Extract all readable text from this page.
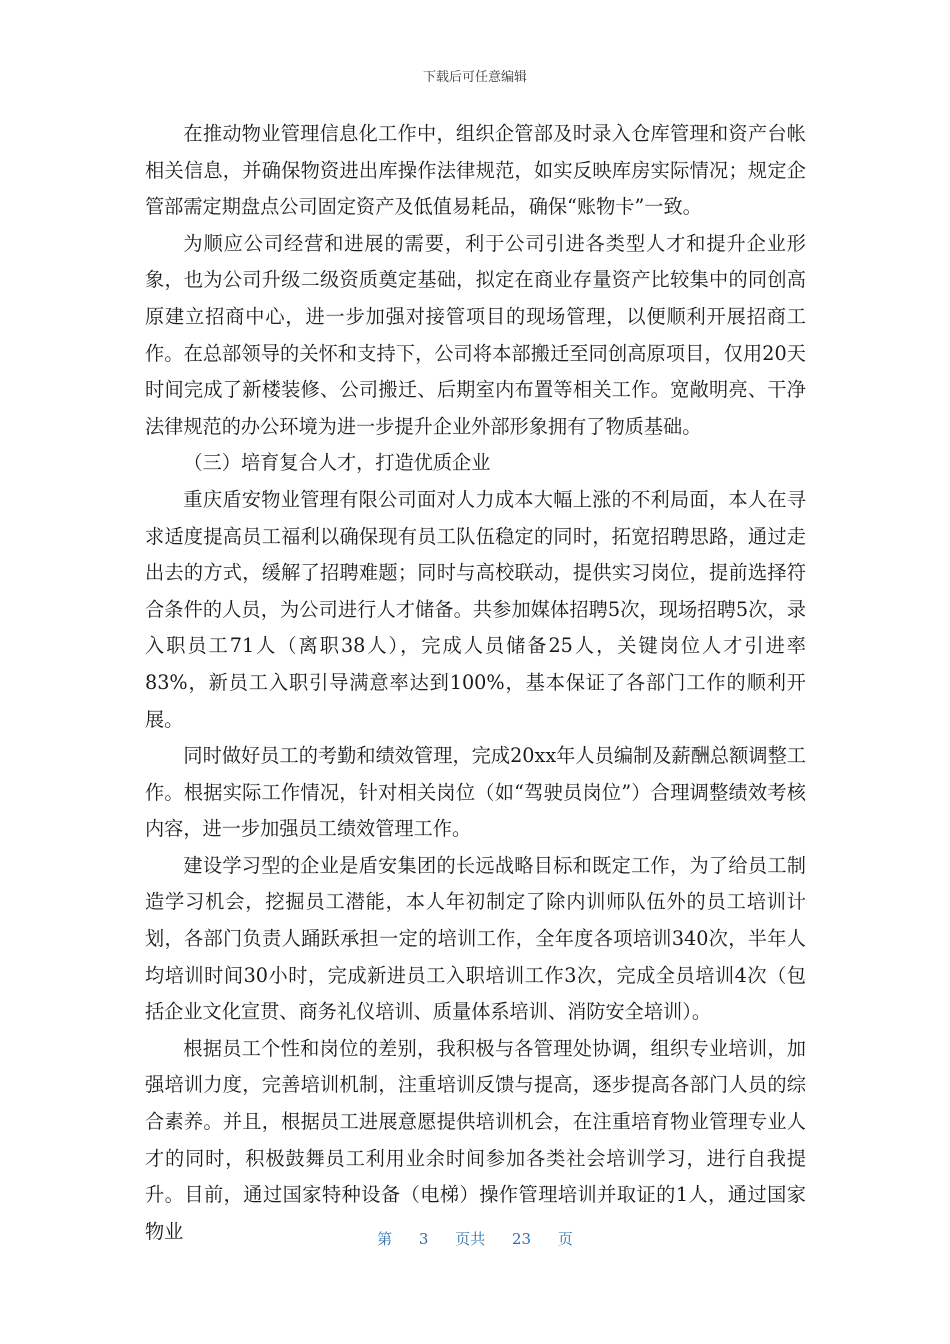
下载后可任意编辑

在推动物业管理信息化工作中，组织企管部及时录入仓库管理和资产台帐相关信息，并确保物资进出库操作法律规范，如实反映库房实际情况；规定企管部需定期盘点公司固定资产及低值易耗品，确保“账物卡”一致。

为顺应公司经营和进展的需要，利于公司引进各类型人才和提升企业形象，也为公司升级二级资质奠定基础，拟定在商业存量资产比较集中的同创高原建立招商中心，进一步加强对接管项目的现场管理，以便顺利开展招商工作。在总部领导的关怀和支持下，公司将本部搬迁至同创高原项目，仅用20天时间完成了新楼装修、公司搬迁、后期室内布置等相关工作。宽敞明亮、干净法律规范的办公环境为进一步提升企业外部形象拥有了物质基础。

（三）培育复合人才，打造优质企业

重庆盾安物业管理有限公司面对人力成本大幅上涨的不利局面，本人在寻求适度提高员工福利以确保现有员工队伍稳定的同时，拓宽招聘思路，通过走出去的方式，缓解了招聘难题；同时与高校联动，提供实习岗位，提前选择符合条件的人员，为公司进行人才储备。共参加媒体招聘5次，现场招聘5次，录入职员工71人（离职38人），完成人员储备25人，关键岗位人才引进率83%，新员工入职引导满意率达到100%，基本保证了各部门工作的顺利开展。

同时做好员工的考勤和绩效管理，完成20xx年人员编制及薪酬总额调整工作。根据实际工作情况，针对相关岗位（如“驾驶员岗位”）合理调整绩效考核内容，进一步加强员工绩效管理工作。

建设学习型的企业是盾安集团的长远战略目标和既定工作，为了给员工制造学习机会，挖掘员工潜能，本人年初制定了除内训师队伍外的员工培训计划，各部门负责人踊跃承担一定的培训工作，全年度各项培训340次，半年人均培训时间30小时，完成新进员工入职培训工作3次，完成全员培训4次（包括企业文化宣贯、商务礼仪培训、质量体系培训、消防安全培训）。

根据员工个性和岗位的差别，我积极与各管理处协调，组织专业培训，加强培训力度，完善培训机制，注重培训反馈与提高，逐步提高各部门人员的综合素养。并且，根据员工进展意愿提供培训机会，在注重培育物业管理专业人才的同时，积极鼓舞员工利用业余时间参加各类社会培训学习，进行自我提升。目前，通过国家特种设备（电梯）操作管理培训并取证的1人，通过国家物业	第 3 页共 23 页
